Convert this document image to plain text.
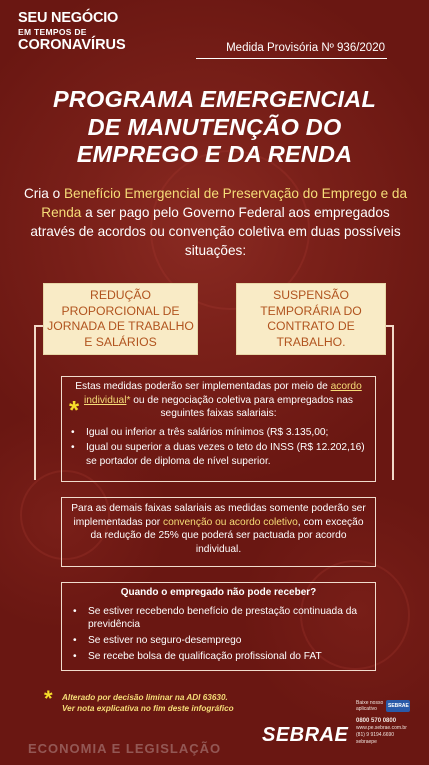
SEU NEGÓCIO
EM TEMPOS DE
CORONAVÍRUS	Medida Provisória Nº 936/2020
PROGRAMA EMERGENCIAL
DE MANUTENÇÃO DO
EMPREGO E DA RENDA
Cria o Benefício Emergencial de Preservação do Emprego e da Renda a ser pago pelo Governo Federal aos empregados através de acordos ou convenção coletiva em duas possíveis situações:
REDUÇÃO PROPORCIONAL DE JORNADA DE TRABALHO E SALÁRIOS
SUSPENSÃO TEMPORÁRIA DO CONTRATO DE TRABALHO.
Estas medidas poderão ser implementadas por meio de acordo individual* ou de negociação coletiva para empregados nas seguintes faixas salariais:
• Igual ou inferior a três salários mínimos (R$ 3.135,00;
• Igual ou superior a duas vezes o teto do INSS (R$ 12.202,16) se portador de diploma de nível superior.
*
Para as demais faixas salariais as medidas somente poderão ser implementadas por convenção ou acordo coletivo, com exceção da redução de 25% que poderá ser pactuada por acordo individual.
Quando o empregado não pode receber?
• Se estiver recebendo benefício de prestação continuada da previdência
• Se estiver no seguro-desemprego
• Se recebe bolsa de qualificação profissional do FAT
* Alterado por decisão liminar na ADI 63630.
Ver nota explicativa no fim deste infográfico
ECONOMIA E LEGISLAÇÃO
SEBRAE
Baixe nosso aplicativo
0800 570 0800
www.pe.sebrae.com.br
(81) 9 9194.6690
sebraepe
SEBRAE
